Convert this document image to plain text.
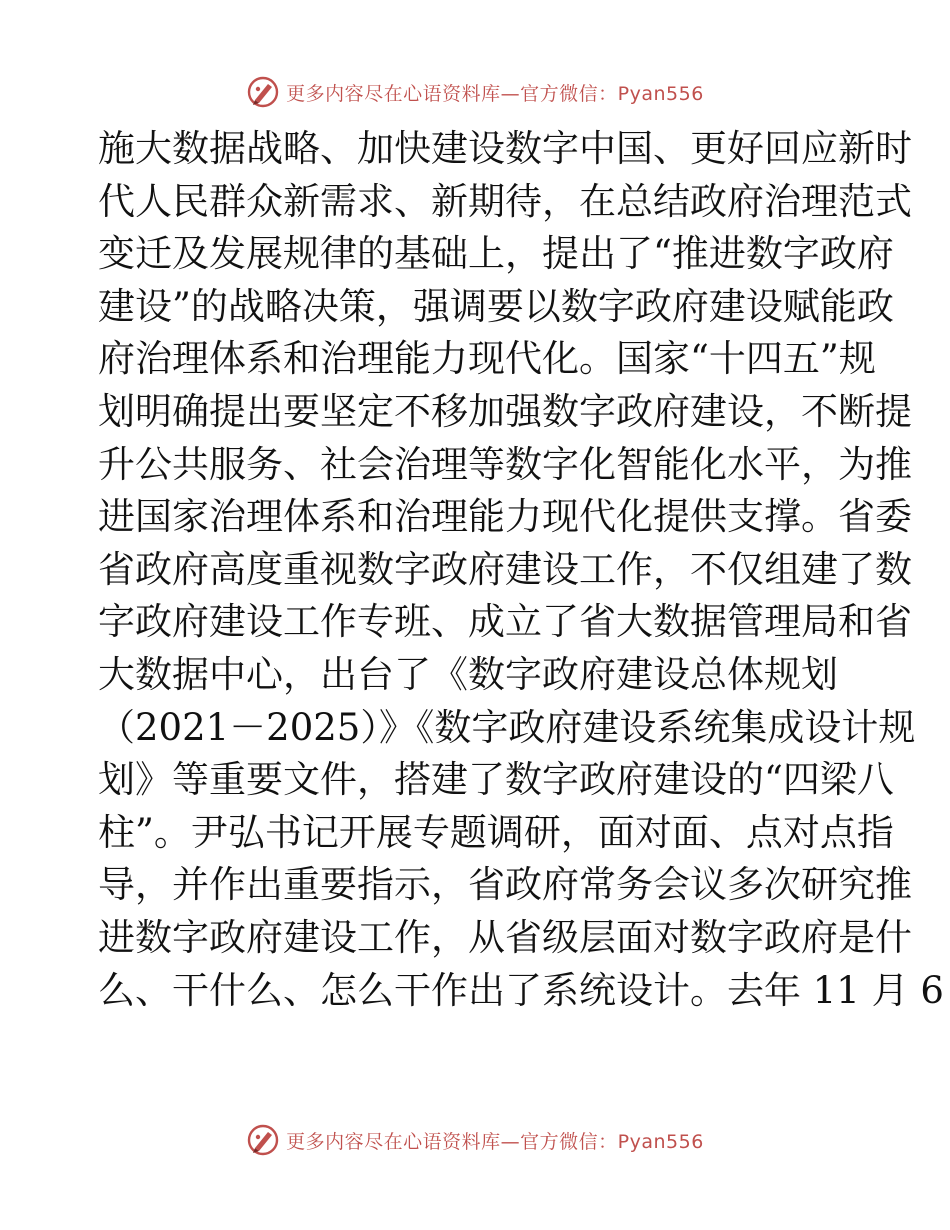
更多内容尽在心语资料库—官方微信：Pyan556
施大数据战略、加快建设数字中国、更好回应新时
代人民群众新需求、新期待，在总结政府治理范式
变迁及发展规律的基础上，提出了“推进数字政府
建设”的战略决策，强调要以数字政府建设赋能政
府治理体系和治理能力现代化。国家“十四五”规
划明确提出要坚定不移加强数字政府建设，不断提
升公共服务、社会治理等数字化智能化水平，为推
进国家治理体系和治理能力现代化提供支撑。省委
省政府高度重视数字政府建设工作，不仅组建了数
字政府建设工作专班、成立了省大数据管理局和省
大数据中心，出台了《数字政府建设总体规划
（2021－2025）》《数字政府建设系统集成设计规
划》等重要文件，搭建了数字政府建设的“四梁八
柱”。尹弘书记开展专题调研，面对面、点对点指
导，并作出重要指示，省政府常务会议多次研究推
进数字政府建设工作，从省级层面对数字政府是什
么、干什么、怎么干作出了系统设计。去年 11 月 6
更多内容尽在心语资料库—官方微信：Pyan556
